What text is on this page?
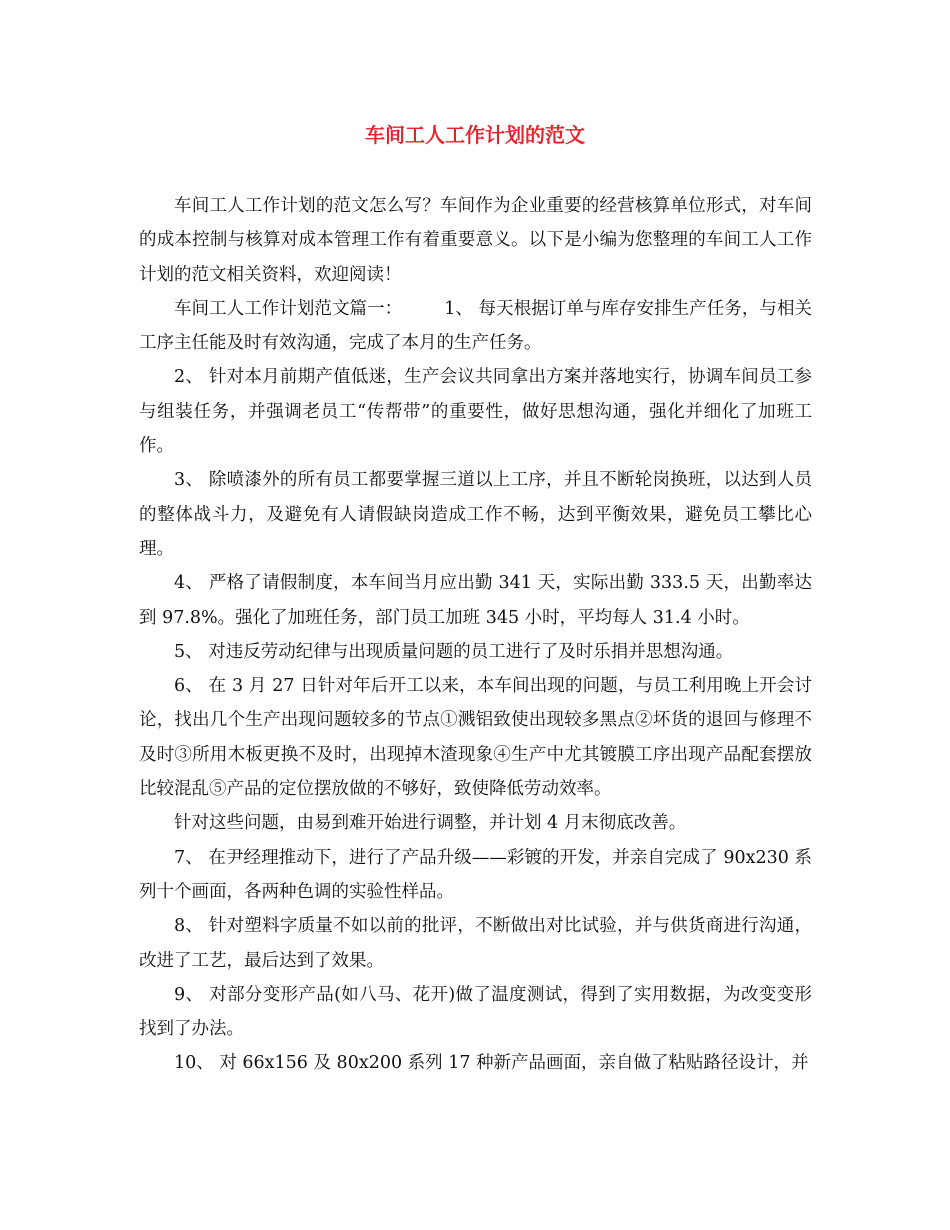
车间工人工作计划的范文

车间工人工作计划的范文怎么写？车间作为企业重要的经营核算单位形式，对车间的成本控制与核算对成本管理工作有着重要意义。以下是小编为您整理的车间工人工作计划的范文相关资料，欢迎阅读！

车间工人工作计划范文篇一： 1、 每天根据订单与库存安排生产任务，与相关工序主任能及时有效沟通，完成了本月的生产任务。

2、 针对本月前期产值低迷，生产会议共同拿出方案并落地实行，协调车间员工参与组装任务，并强调老员工“传帮带”的重要性，做好思想沟通，强化并细化了加班工作。

3、 除喷漆外的所有员工都要掌握三道以上工序，并且不断轮岗换班，以达到人员的整体战斗力，及避免有人请假缺岗造成工作不畅，达到平衡效果，避免员工攀比心理。

4、 严格了请假制度，本车间当月应出勤 341 天，实际出勤 333.5 天，出勤率达到 97.8%。强化了加班任务，部门员工加班 345 小时，平均每人 31.4 小时。

5、 对违反劳动纪律与出现质量问题的员工进行了及时乐捐并思想沟通。

6、 在 3 月 27 日针对年后开工以来，本车间出现的问题，与员工利用晚上开会讨论，找出几个生产出现问题较多的节点①溅铝致使出现较多黑点②坏货的退回与修理不及时③所用木板更换不及时，出现掉木渣现象④生产中尤其镀膜工序出现产品配套摆放比较混乱⑤产品的定位摆放做的不够好，致使降低劳动效率。

针对这些问题，由易到难开始进行调整，并计划 4 月末彻底改善。

7、 在尹经理推动下，进行了产品升级——彩镀的开发，并亲自完成了 90x230 系列十个画面，各两种色调的实验性样品。

8、 针对塑料字质量不如以前的批评，不断做出对比试验，并与供货商进行沟通，改进了工艺，最后达到了效果。

9、 对部分变形产品(如八马、花开)做了温度测试，得到了实用数据，为改变变形找到了办法。

10、 对 66x156 及 80x200 系列 17 种新产品画面，亲自做了粘贴路径设计，并
